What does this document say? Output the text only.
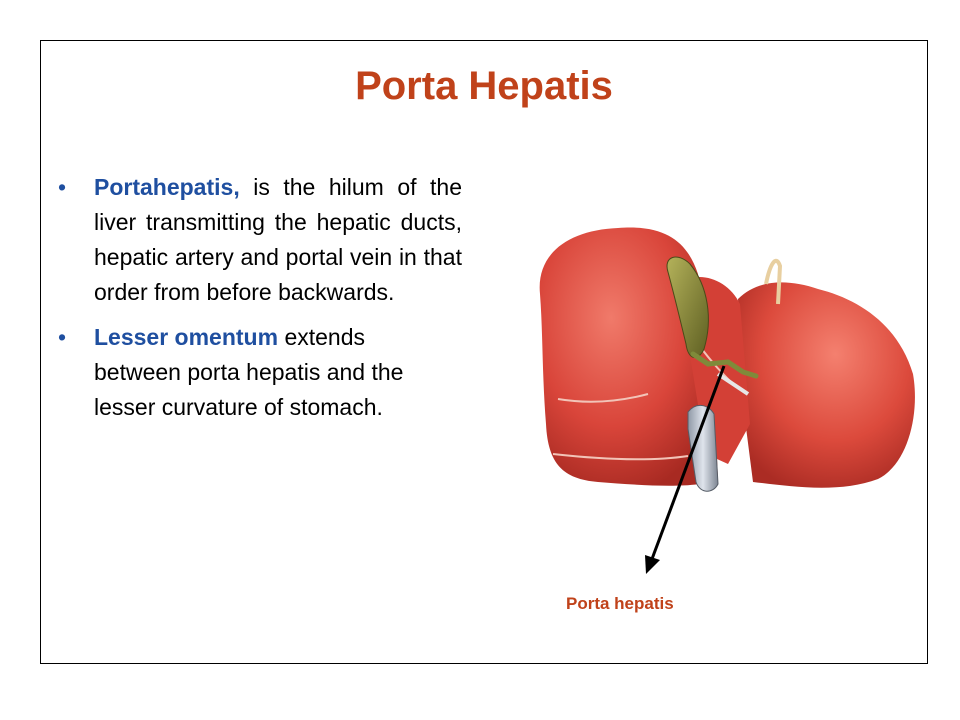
Porta Hepatis
• Portahepatis, is the hilum of the liver transmitting the hepatic ducts, hepatic artery and portal vein in that order from before backwards.
• Lesser omentum extends between porta hepatis and the lesser curvature of stomach.
Porta hepatis
